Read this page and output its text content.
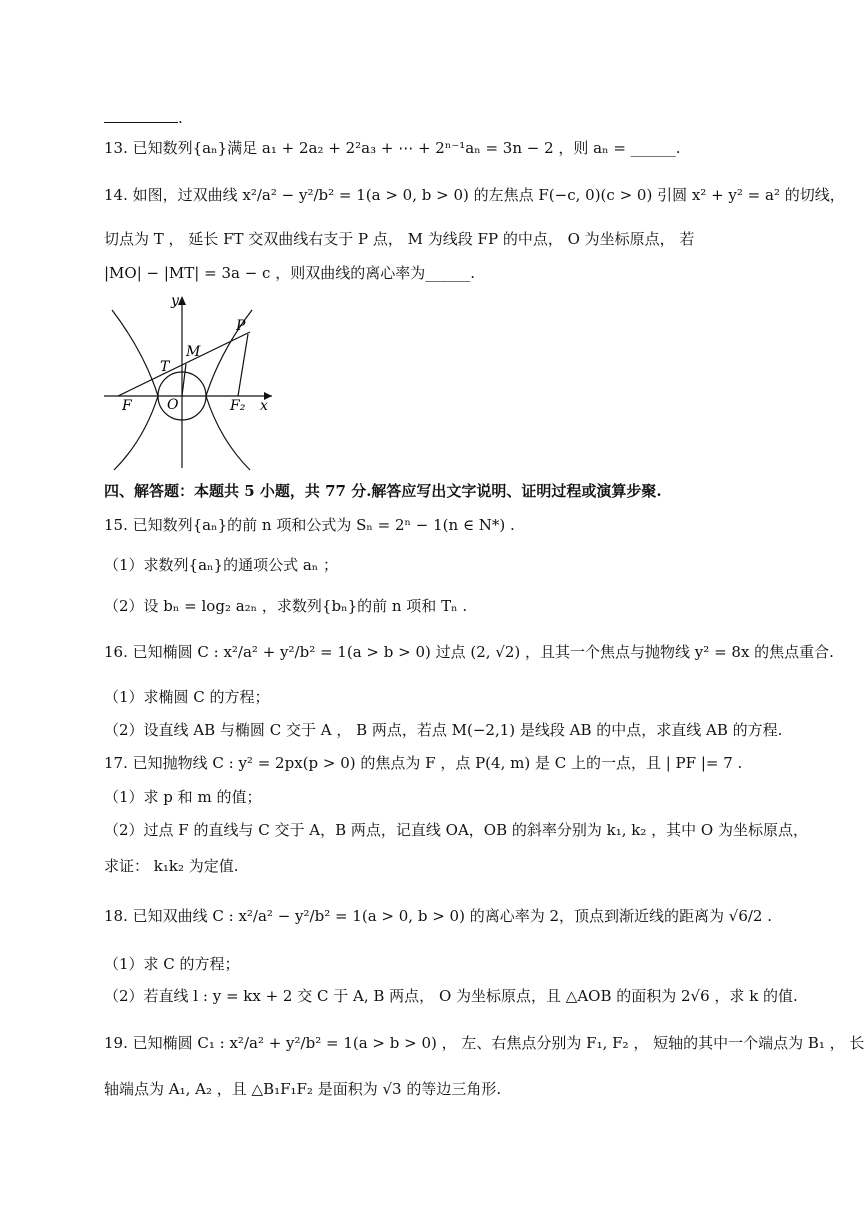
.
13. 已知数列{aₙ}满足 a₁ + 2a₂ + 2²a₃ + ⋯ + 2ⁿ⁻¹aₙ = 3n − 2 ，则 aₙ = ______.
14. 如图，过双曲线 x²/a² − y²/b² = 1(a > 0, b > 0) 的左焦点 F(−c, 0)(c > 0) 引圆 x² + y² = a² 的切线，
切点为 T ， 延长 FT 交双曲线右支于 P 点， M 为线段 FP 的中点， O 为坐标原点， 若
|MO| − |MT| = 3a − c ，则双曲线的离心率为______.
y
x
P
M
T
F	O	F₂
四、解答题：本题共 5 小题，共 77 分.解答应写出文字说明、证明过程或演算步聚.
15. 已知数列{aₙ}的前 n 项和公式为 Sₙ = 2ⁿ − 1(n ∈ N*) .
（1）求数列{aₙ}的通项公式 aₙ ；
（2）设 bₙ = log₂ a₂ₙ ，求数列{bₙ}的前 n 项和 Tₙ .
16. 已知椭圆 C : x²/a² + y²/b² = 1(a > b > 0) 过点 (2, √2) ，且其一个焦点与抛物线 y² = 8x 的焦点重合.
（1）求椭圆 C 的方程；
（2）设直线 AB 与椭圆 C 交于 A ， B 两点，若点 M(−2,1) 是线段 AB 的中点，求直线 AB 的方程.
17. 已知抛物线 C : y² = 2px(p > 0) 的焦点为 F ，点 P(4, m) 是 C 上的一点，且 | PF |= 7 .
（1）求 p 和 m 的值；
（2）过点 F 的直线与 C 交于 A，B 两点，记直线 OA，OB 的斜率分别为 k₁, k₂ ，其中 O 为坐标原点，
求证： k₁k₂ 为定值.
18. 已知双曲线 C : x²/a² − y²/b² = 1(a > 0, b > 0) 的离心率为 2，顶点到渐近线的距离为 √6/2 .
（1）求 C 的方程；
（2）若直线 l : y = kx + 2 交 C 于 A, B 两点， O 为坐标原点，且 △AOB 的面积为 2√6 ，求 k 的值.
19. 已知椭圆 C₁ : x²/a² + y²/b² = 1(a > b > 0) ， 左、右焦点分别为 F₁, F₂ ， 短轴的其中一个端点为 B₁ ， 长
轴端点为 A₁, A₂ ，且 △B₁F₁F₂ 是面积为 √3 的等边三角形.
